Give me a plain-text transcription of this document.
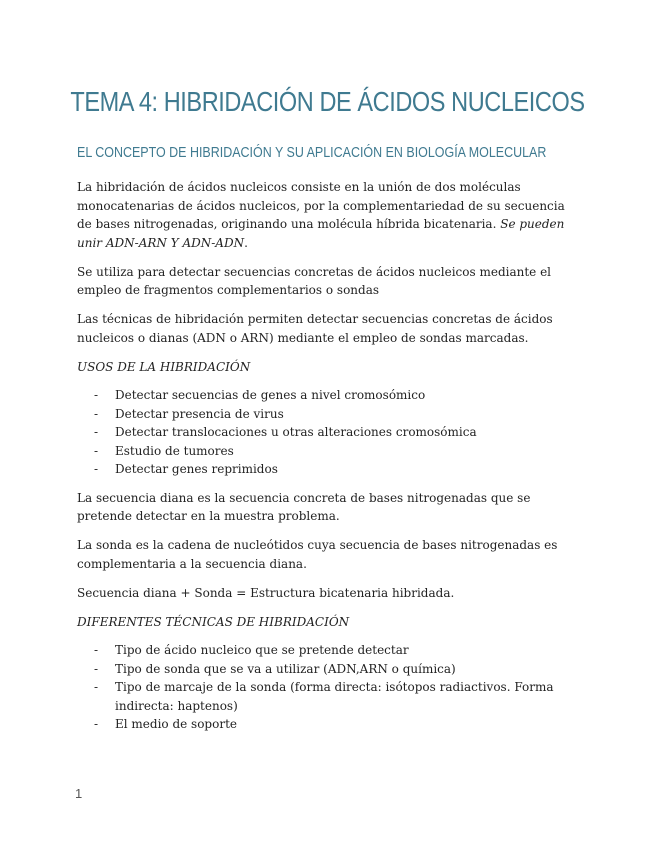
TEMA 4: HIBRIDACIÓN DE ÁCIDOS NUCLEICOS
EL CONCEPTO DE HIBRIDACIÓN Y SU APLICACIÓN EN BIOLOGÍA MOLECULAR

La hibridación de ácidos nucleicos consiste en la unión de dos moléculas monocatenarias de ácidos nucleicos, por la complementariedad de su secuencia de bases nitrogenadas, originando una molécula híbrida bicatenaria. Se pueden unir ADN-ARN Y ADN-ADN.

Se utiliza para detectar secuencias concretas de ácidos nucleicos mediante el empleo de fragmentos complementarios o sondas

Las técnicas de hibridación permiten detectar secuencias concretas de ácidos nucleicos o dianas (ADN o ARN) mediante el empleo de sondas marcadas.

USOS DE LA HIBRIDACIÓN

- Detectar secuencias de genes a nivel cromosómico
- Detectar presencia de virus
- Detectar translocaciones u otras alteraciones cromosómica
- Estudio de tumores
- Detectar genes reprimidos

La secuencia diana es la secuencia concreta de bases nitrogenadas que se pretende detectar en la muestra problema.

La sonda es la cadena de nucleótidos cuya secuencia de bases nitrogenadas es complementaria a la secuencia diana.

Secuencia diana + Sonda = Estructura bicatenaria hibridada.

DIFERENTES TÉCNICAS DE HIBRIDACIÓN

- Tipo de ácido nucleico que se pretende detectar
- Tipo de sonda que se va a utilizar (ADN,ARN o química)
- Tipo de marcaje de la sonda (forma directa: isótopos radiactivos. Forma indirecta: haptenos)
- El medio de soporte
1
